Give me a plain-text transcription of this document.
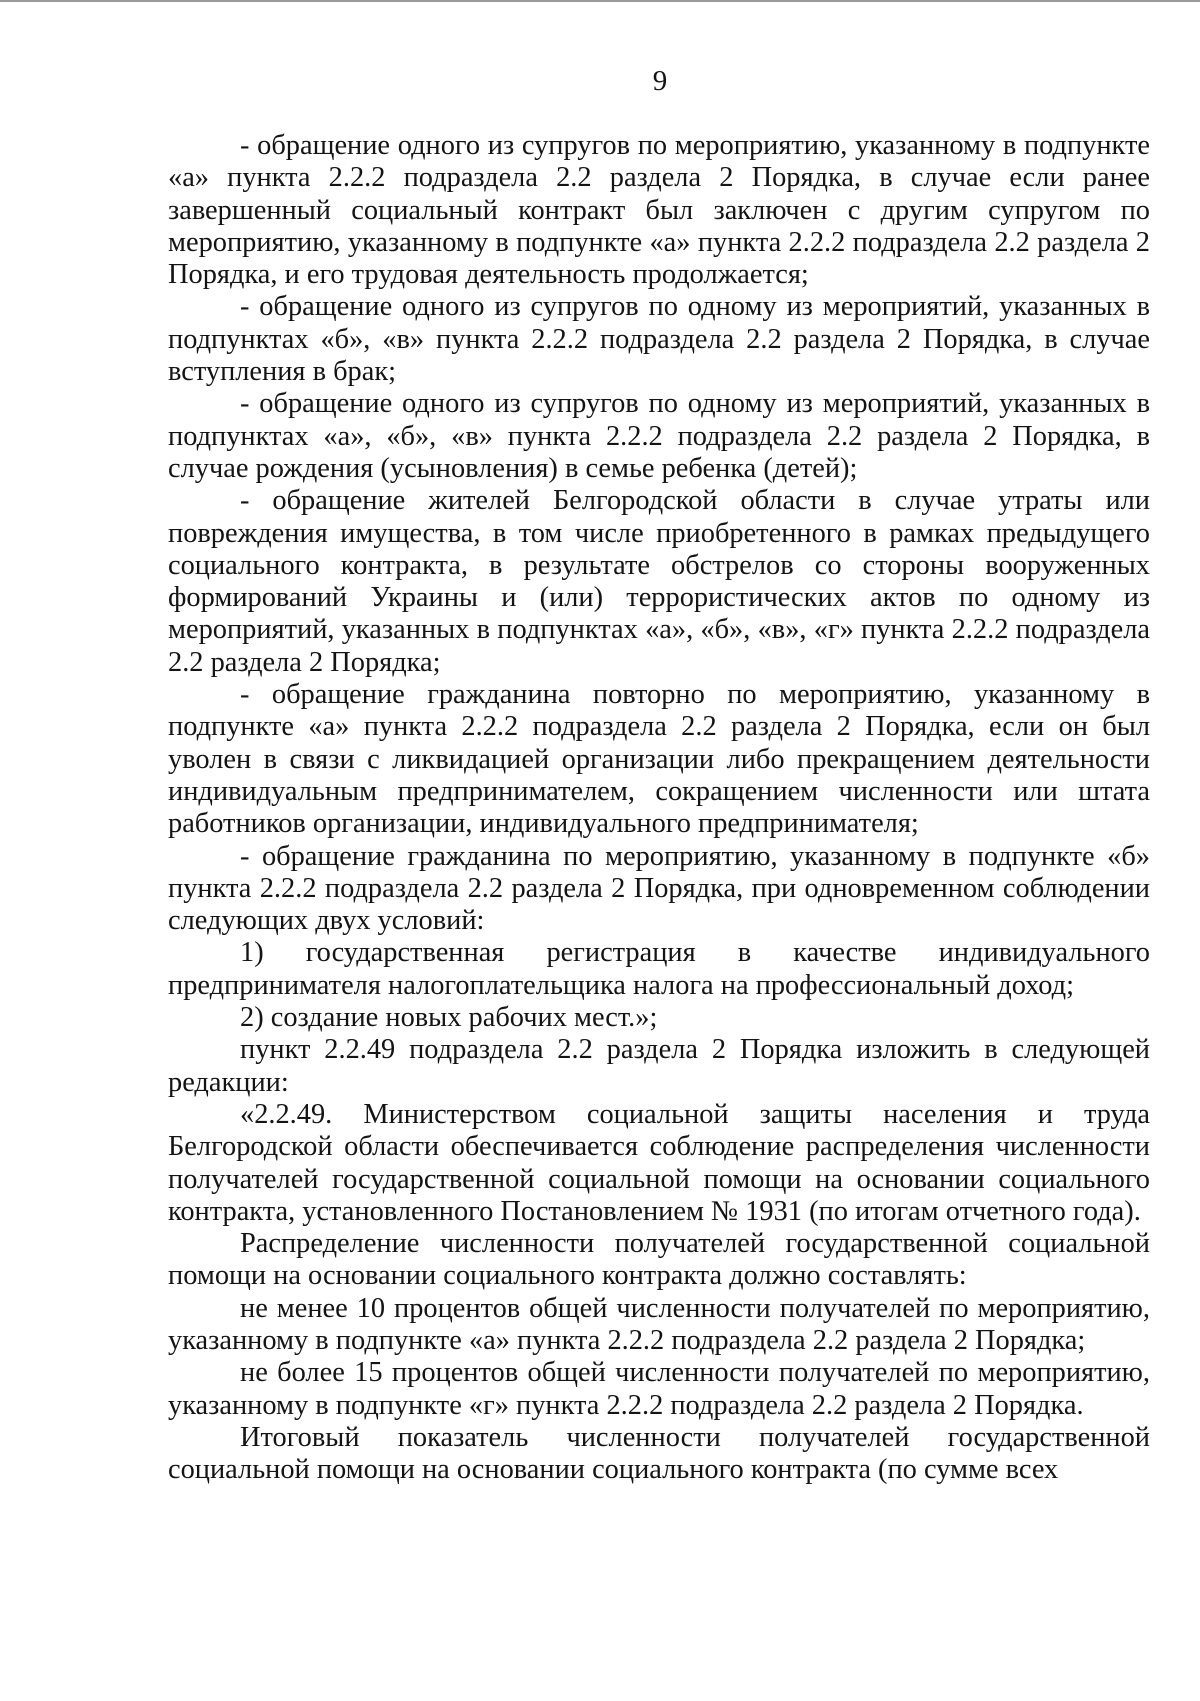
9

- обращение одного из супругов по мероприятию, указанному в подпункте «а» пункта 2.2.2 подраздела 2.2 раздела 2 Порядка, в случае если ранее завершенный социальный контракт был заключен с другим супругом по мероприятию, указанному в подпункте «а» пункта 2.2.2 подраздела 2.2 раздела 2 Порядка, и его трудовая деятельность продолжается;

- обращение одного из супругов по одному из мероприятий, указанных в подпунктах «б», «в» пункта 2.2.2 подраздела 2.2 раздела 2 Порядка, в случае вступления в брак;

- обращение одного из супругов по одному из мероприятий, указанных в подпунктах «а», «б», «в» пункта 2.2.2 подраздела 2.2 раздела 2 Порядка, в случае рождения (усыновления) в семье ребенка (детей);

- обращение жителей Белгородской области в случае утраты или повреждения имущества, в том числе приобретенного в рамках предыдущего социального контракта, в результате обстрелов со стороны вооруженных формирований Украины и (или) террористических актов по одному из мероприятий, указанных в подпунктах «а», «б», «в», «г» пункта 2.2.2 подраздела 2.2 раздела 2 Порядка;

- обращение гражданина повторно по мероприятию, указанному в подпункте «а» пункта 2.2.2 подраздела 2.2 раздела 2 Порядка, если он был уволен в связи с ликвидацией организации либо прекращением деятельности индивидуальным предпринимателем, сокращением численности или штата работников организации, индивидуального предпринимателя;

- обращение гражданина по мероприятию, указанному в подпункте «б» пункта 2.2.2 подраздела 2.2 раздела 2 Порядка, при одновременном соблюдении следующих двух условий:

1) государственная регистрация в качестве индивидуального предпринимателя налогоплательщика налога на профессиональный доход;

2) создание новых рабочих мест.»;

пункт 2.2.49 подраздела 2.2 раздела 2 Порядка изложить в следующей редакции:

«2.2.49. Министерством социальной защиты населения и труда Белгородской области обеспечивается соблюдение распределения численности получателей государственной социальной помощи на основании социального контракта, установленного Постановлением № 1931 (по итогам отчетного года).

Распределение численности получателей государственной социальной помощи на основании социального контракта должно составлять:

не менее 10 процентов общей численности получателей по мероприятию, указанному в подпункте «а» пункта 2.2.2 подраздела 2.2 раздела 2 Порядка;

не более 15 процентов общей численности получателей по мероприятию, указанному в подпункте «г» пункта 2.2.2 подраздела 2.2 раздела 2 Порядка.

Итоговый показатель численности получателей государственной социальной помощи на основании социального контракта (по сумме всех
